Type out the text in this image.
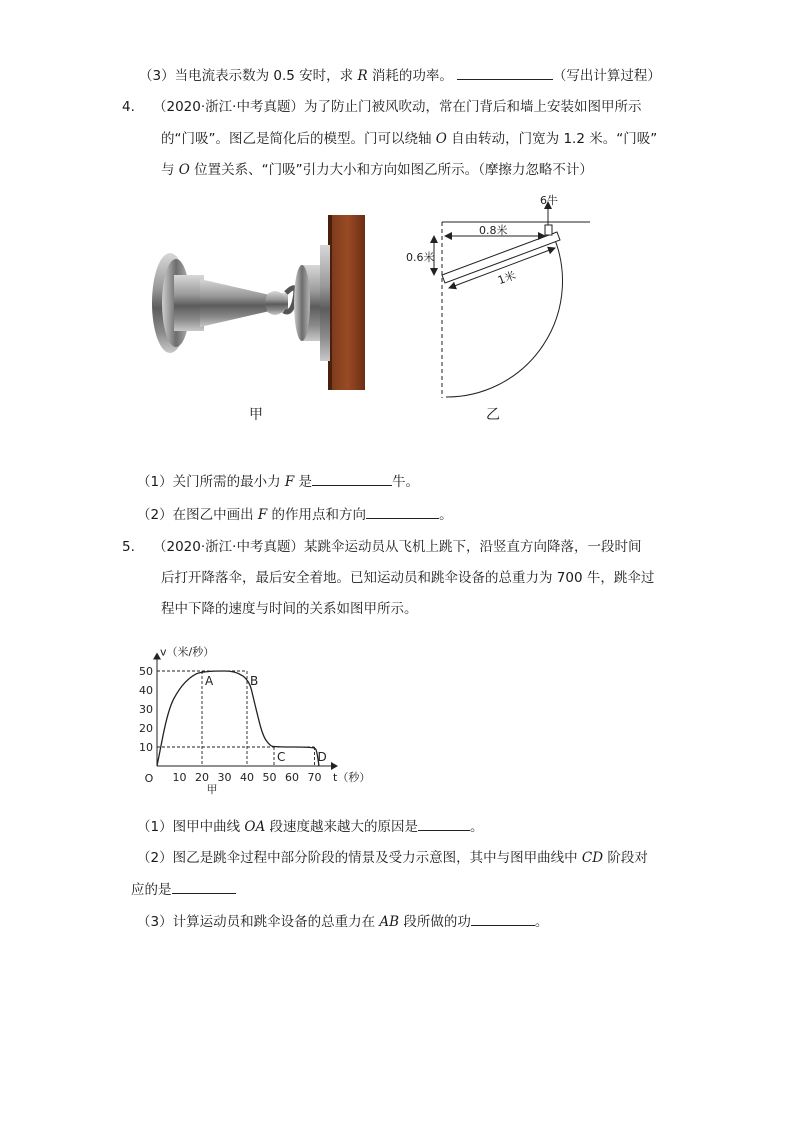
（3）当电流表示数为 0.5 安时，求 R 消耗的功率。	（写出计算过程）
4. （2020·浙江·中考真题）为了防止门被风吹动，常在门背后和墙上安装如图甲所示
的“门吸”。图乙是简化后的模型。门可以绕轴 O 自由转动，门宽为 1.2 米。“门吸”
与 O 位置关系、“门吸”引力大小和方向如图乙所示。（摩擦力忽略不计）
6牛
0.8米
0.6米
1米
甲	乙
（1）关门所需的最小力 F 是	牛。
（2）在图乙中画出 F 的作用点和方向	。
5. （2020·浙江·中考真题）某跳伞运动员从飞机上跳下，沿竖直方向降落，一段时间
后打开降落伞，最后安全着地。已知运动员和跳伞设备的总重力为 700 牛，跳伞过
程中下降的速度与时间的关系如图甲所示。
10 20 30 40 50 60 70
10
20
30
40
50
O
v（米/秒）
t（秒）
甲
A	B
C	D
（1）图甲中曲线 OA 段速度越来越大的原因是	。
（2）图乙是跳伞过程中部分阶段的情景及受力示意图，其中与图甲曲线中 CD 阶段对
应的是
（3）计算运动员和跳伞设备的总重力在 AB 段所做的功	。
